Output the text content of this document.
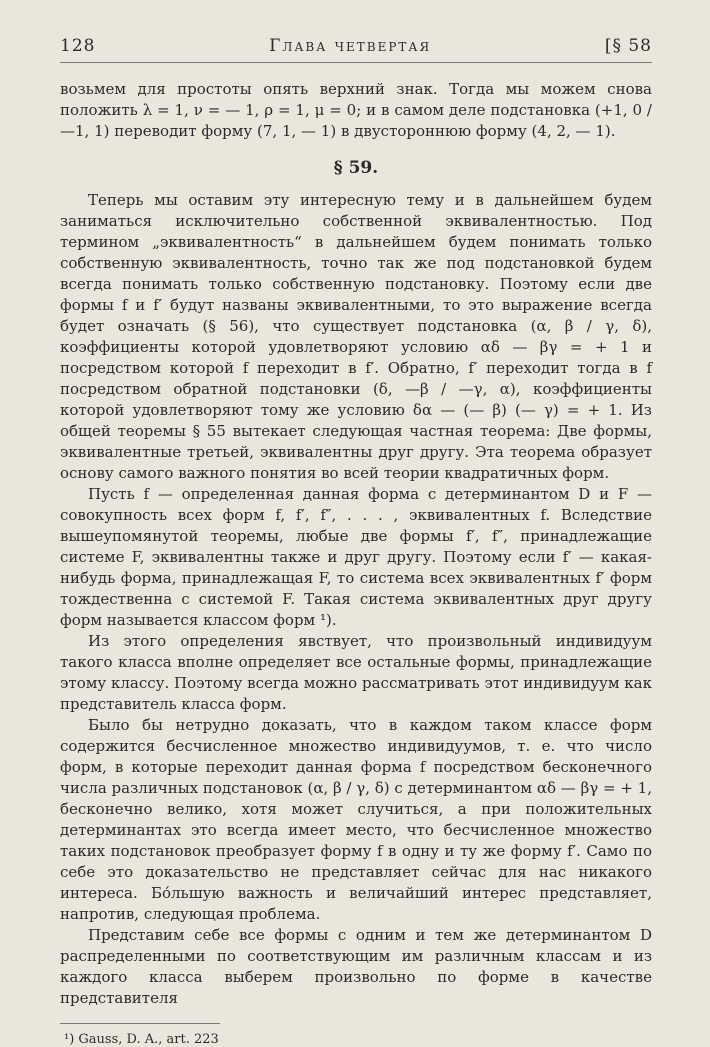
128	Глава четвертая	[§ 58

возьмем для простоты опять верхний знак. Тогда мы можем снова положить λ = 1, ν = — 1, ρ = 1, μ = 0; и в самом деле подстановка (+1, 0 / —1, 1) переводит форму (7, 1, — 1) в двустороннюю форму (4, 2, — 1).

§ 59.

Теперь мы оставим эту интересную тему и в дальнейшем будем заниматься исключительно собственной эквивалентностью. Под термином „эквивалентность“ в дальнейшем будем понимать только собственную эквивалентность, точно так же под подстановкой будем всегда понимать только собственную подстановку. Поэтому если две формы f и f′ будут названы эквивалентными, то это выражение всегда будет означать (§ 56), что существует подстановка (α, β / γ, δ), коэффициенты которой удовлетворяют условию αδ — βγ = + 1 и посредством которой f переходит в f′. Обратно, f′ переходит тогда в f посредством обратной подстановки (δ, —β / —γ, α), коэффициенты которой удовлетворяют тому же условию δα — (— β) (— γ) = + 1. Из общей теоремы § 55 вытекает следующая частная теорема: Две формы, эквивалентные третьей, эквивалентны друг другу. Эта теорема образует основу самого важного понятия во всей теории квадратичных форм.

Пусть f — определенная данная форма с детерминантом D и F — совокупность всех форм f, f′, f″, . . . , эквивалентных f. Вследствие вышеупомянутой теоремы, любые две формы f′, f″, принадлежащие системе F, эквивалентны также и друг другу. Поэтому если f′ — какая-нибудь форма, принадлежащая F, то система всех эквивалентных f′ форм тождественна с системой F. Такая система эквивалентных друг другу форм называется классом форм ¹).

Из этого определения явствует, что произвольный индивидуум такого класса вполне определяет все остальные формы, принадлежащие этому классу. Поэтому всегда можно рассматривать этот индивидуум как представитель класса форм.

Было бы нетрудно доказать, что в каждом таком классе форм содержится бесчисленное множество индивидуумов, т. е. что число форм, в которые переходит данная форма f посредством бесконечного числа различных подстановок (α, β / γ, δ) с детерминантом αδ — βγ = + 1, бесконечно велико, хотя может случиться, а при положительных детерминантах это всегда имеет место, что бесчисленное множество таких подстановок преобразует форму f в одну и ту же форму f′. Само по себе это доказательство не представляет сейчас для нас никакого интереса. Бо́льшую важность и величайший интерес представляет, напротив, следующая проблема.

Представим себе все формы с одним и тем же детерминантом D распределенными по соответствующим им различным классам и из каждого класса выберем произвольно по форме в качестве представителя

¹) Gauss, D. A., art. 223
